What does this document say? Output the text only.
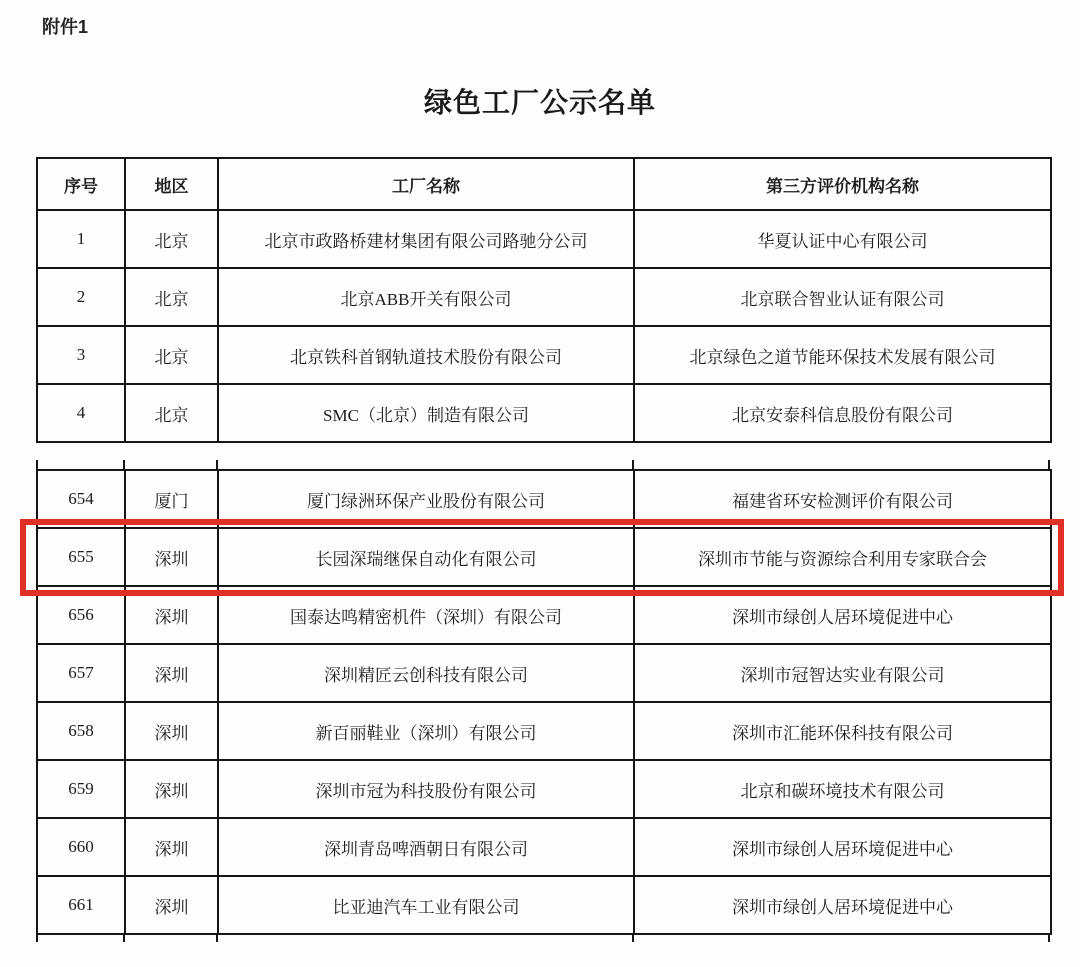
附件1
绿色工厂公示名单
序号	地区	工厂名称	第三方评价机构名称
1	北京	北京市政路桥建材集团有限公司路驰分公司	华夏认证中心有限公司
2	北京	北京ABB开关有限公司	北京联合智业认证有限公司
3	北京	北京铁科首钢轨道技术股份有限公司	北京绿色之道节能环保技术发展有限公司
4	北京	SMC（北京）制造有限公司	北京安泰科信息股份有限公司
654	厦门	厦门绿洲环保产业股份有限公司	福建省环安检测评价有限公司
655	深圳	长园深瑞继保自动化有限公司	深圳市节能与资源综合利用专家联合会
656	深圳	国泰达鸣精密机件（深圳）有限公司	深圳市绿创人居环境促进中心
657	深圳	深圳精匠云创科技有限公司	深圳市冠智达实业有限公司
658	深圳	新百丽鞋业（深圳）有限公司	深圳市汇能环保科技有限公司
659	深圳	深圳市冠为科技股份有限公司	北京和碳环境技术有限公司
660	深圳	深圳青岛啤酒朝日有限公司	深圳市绿创人居环境促进中心
661	深圳	比亚迪汽车工业有限公司	深圳市绿创人居环境促进中心
